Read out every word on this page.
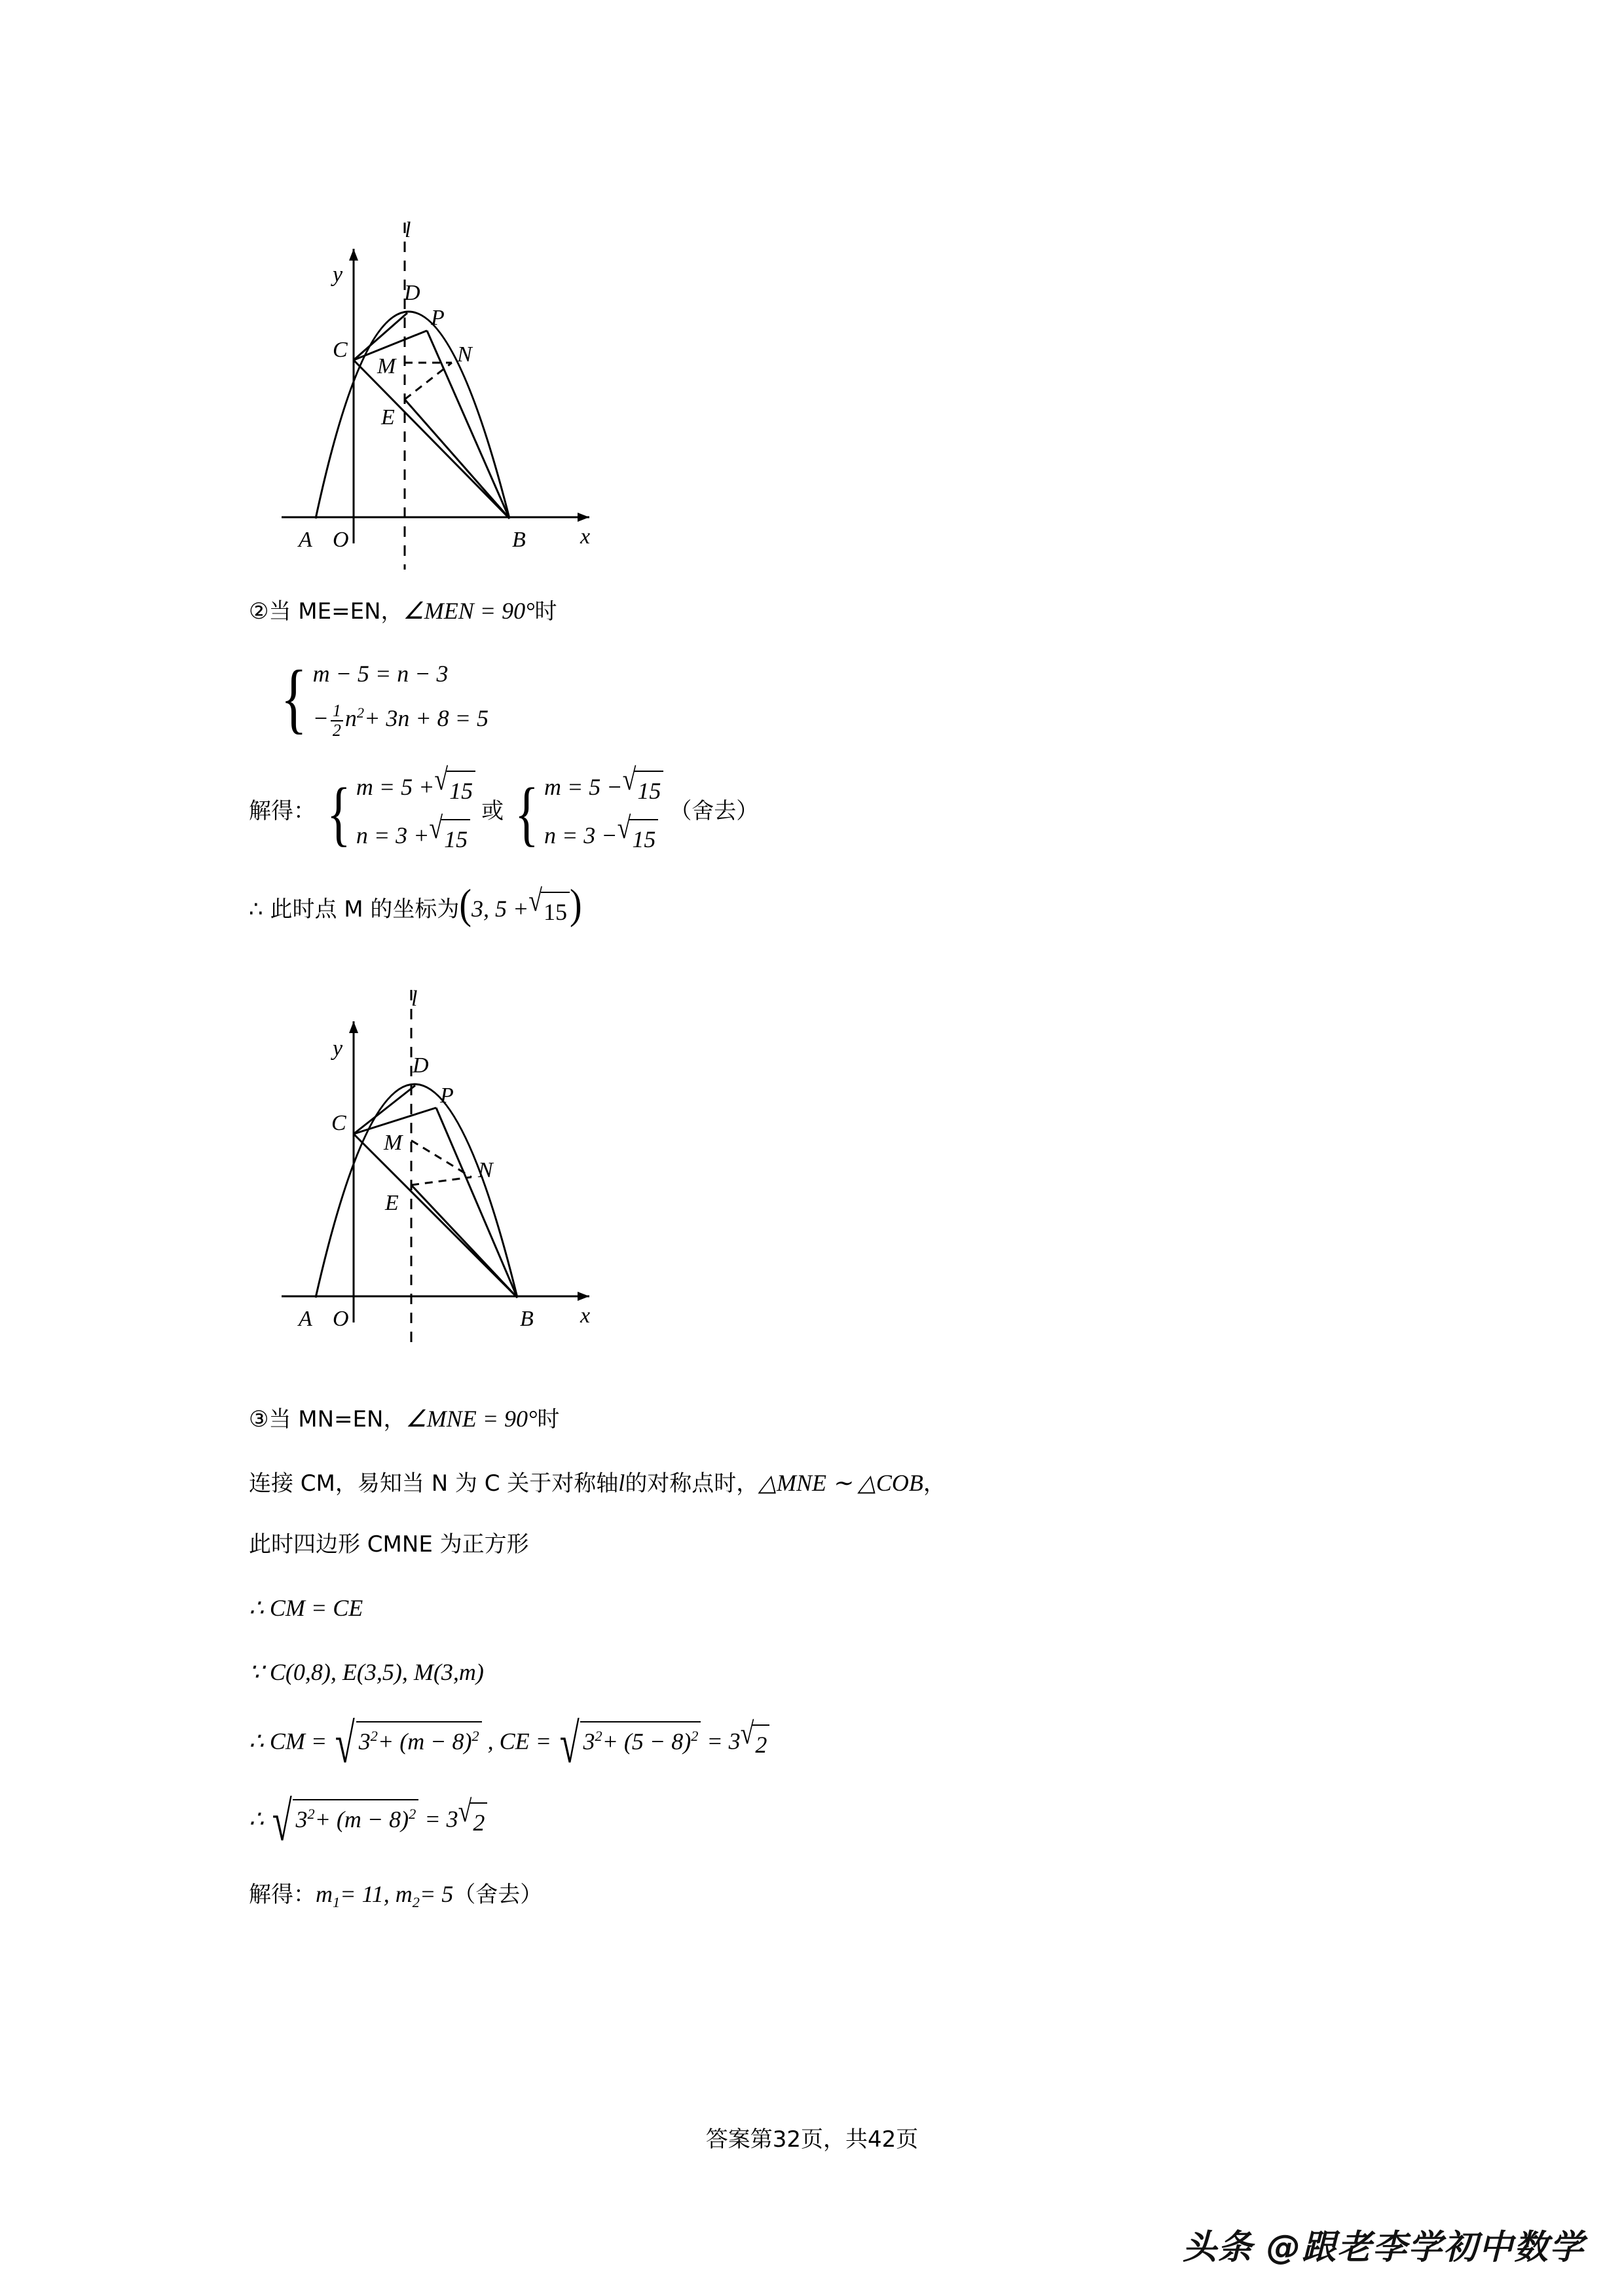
l
y
x
O
A	B
C
D
P
M	N
E
②当 ME=EN，∠MEN = 90°时
{ m − 5 = n − 3
− $\frac{1}{2} n^2+ 3n + 8 = 5$
解得： { m = 5 + √ 15
n = 3 + √ 15
或 { m = 5 − √ 15
n = 3 − √ 15
（舍去）
∴ 此时点 M 的坐标为(3, 5 + √ 15 )
l
y
x
O
A	B
C
D
P
M
N
E
③当 MN=EN，∠MNE = 90°时
连接 CM，易知当 N 为 C 关于对称轴l的对称点时，△MNE ∼ △COB，
此时四边形 CMNE 为正方形
∴ CM = CE
∵ C(0,8), E(3,5), M(3,m)
∴ CM = √ $3^2+ (m - 8)^2$ , CE = √ $3^2+ (5 - 8)^2 = 3$ √ 2
∴ √ $3^2+ (m - 8)^2 = 3$ √ 2
解得：$m_1= 11$, $m_2= 5$（舍去）
答案第32页，共42页
头条 @跟老李学初中数学
